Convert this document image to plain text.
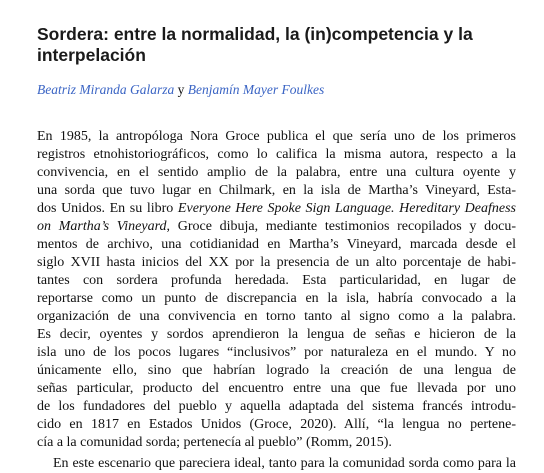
Sordera: entre la normalidad, la (in)competencia y la
interpelación
Beatriz Miranda Galarza y Benjamín Mayer Foulkes
En 1985, la antropóloga Nora Groce publica el que sería uno de los primeros
registros etnohistoriográficos, como lo califica la misma autora, respecto a la
convivencia, en el sentido amplio de la palabra, entre una cultura oyente y
una sorda que tuvo lugar en Chilmark, en la isla de Martha’s Vineyard, Esta-
dos Unidos. En su libro Everyone Here Spoke Sign Language. Hereditary Deafness
on Martha’s Vineyard, Groce dibuja, mediante testimonios recopilados y docu-
mentos de archivo, una cotidianidad en Martha’s Vineyard, marcada desde el
siglo XVII hasta inicios del XX por la presencia de un alto porcentaje de habi-
tantes con sordera profunda heredada. Esta particularidad, en lugar de
reportarse como un punto de discrepancia en la isla, habría convocado a la
organización de una convivencia en torno tanto al signo como a la palabra.
Es decir, oyentes y sordos aprendieron la lengua de señas e hicieron de la
isla uno de los pocos lugares “inclusivos” por naturaleza en el mundo. Y no
únicamente ello, sino que habrían logrado la creación de una lengua de
señas particular, producto del encuentro entre una que fue llevada por uno
de los fundadores del pueblo y aquella adaptada del sistema francés introdu-
cido en 1817 en Estados Unidos (Groce, 2020). Allí, “la lengua no pertene-
cía a la comunidad sorda; pertenecía al pueblo” (Romm, 2015).
En este escenario que pareciera ideal, tanto para la comunidad sorda como para la
